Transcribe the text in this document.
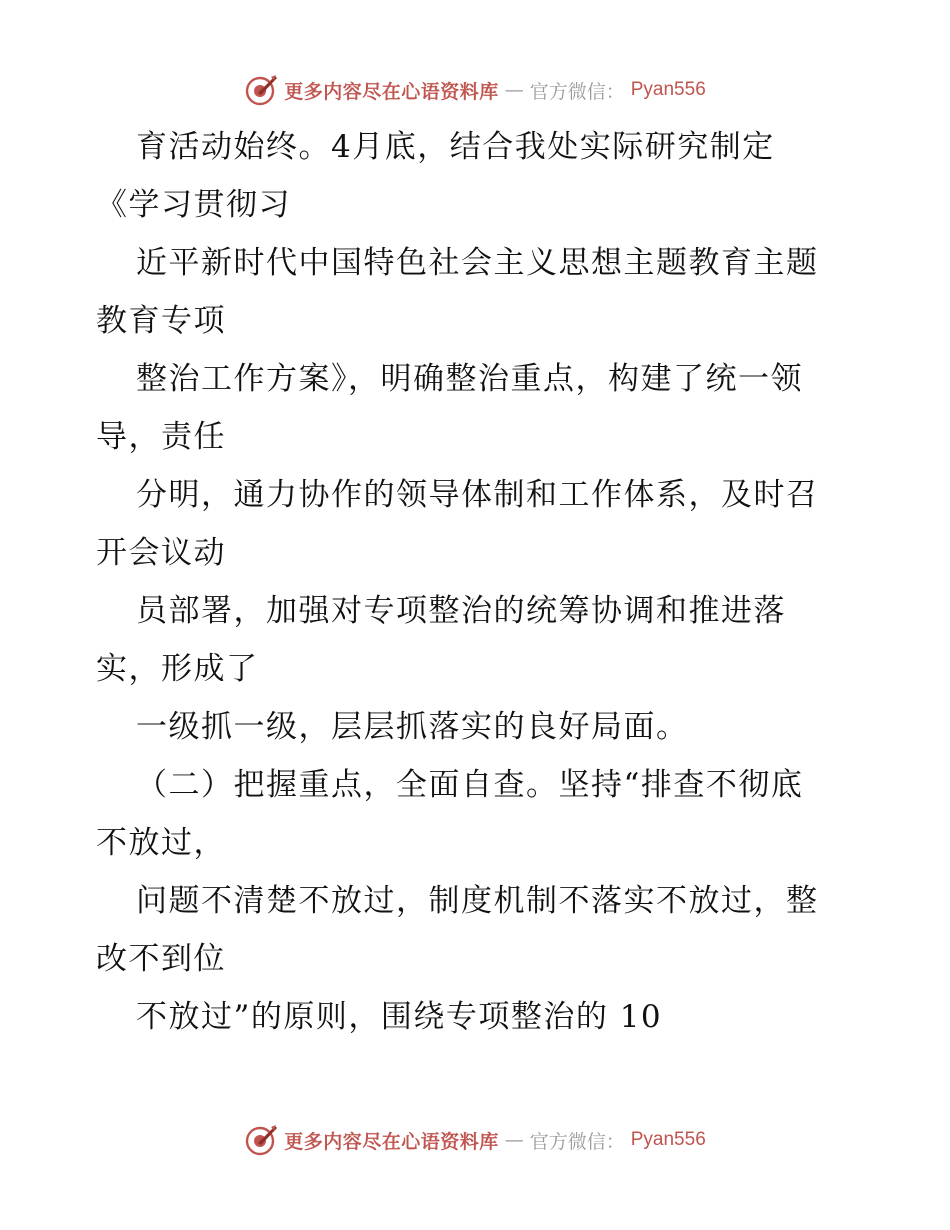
更多内容尽在心语资料库 — 官方微信： Pyan556
育活动始终。4月底，结合我处实际研究制定
《学习贯彻习
近平新时代中国特色社会主义思想主题教育主题
教育专项
整治工作方案》，明确整治重点，构建了统一领
导，责任
分明，通力协作的领导体制和工作体系，及时召
开会议动
员部署，加强对专项整治的统筹协调和推进落
实，形成了
一级抓一级，层层抓落实的良好局面。
（二）把握重点，全面自查。坚持“排查不彻底
不放过，
问题不清楚不放过，制度机制不落实不放过，整
改不到位
不放过”的原则，围绕专项整治的 10
更多内容尽在心语资料库 — 官方微信： Pyan556
